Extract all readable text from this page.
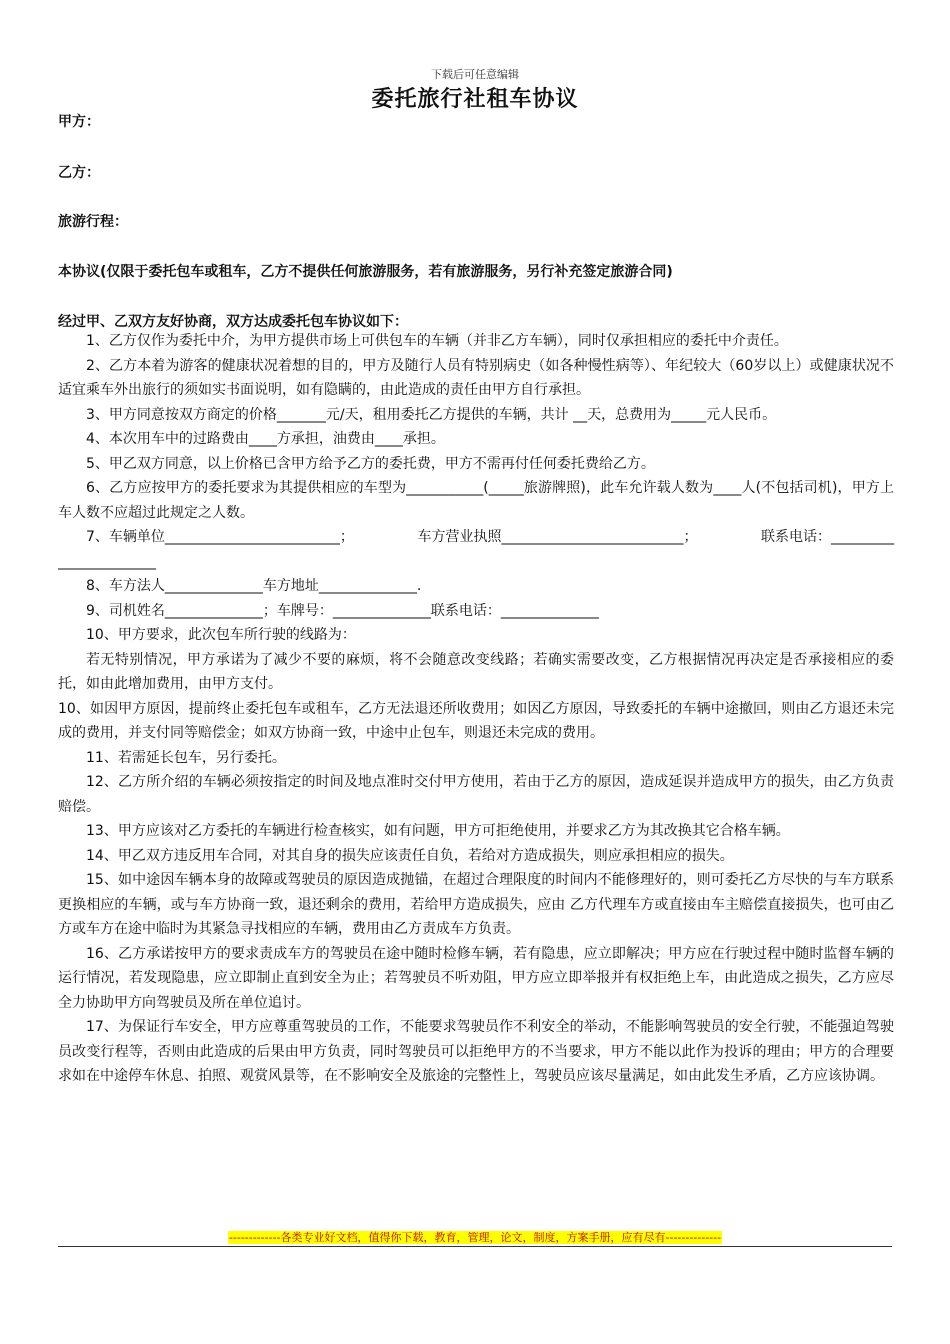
下载后可任意编辑
委托旅行社租车协议
甲方：
乙方：
旅游行程：
本协议(仅限于委托包车或租车，乙方不提供任何旅游服务，若有旅游服务，另行补充签定旅游合同)
经过甲、乙双方友好协商，双方达成委托包车协议如下：

1、乙方仅作为委托中介，为甲方提供市场上可供包车的车辆（并非乙方车辆），同时仅承担相应的委托中介责任。

2、乙方本着为游客的健康状况着想的目的，甲方及随行人员有特别病史（如各种慢性病等）、年纪较大（60岁以上）或健康状况不适宜乘车外出旅行的须如实书面说明，如有隐瞒的，由此造成的责任由甲方自行承担。

3、甲方同意按双方商定的价格_______元/天，租用委托乙方提供的车辆，共计 __天，总费用为_____元人民币。

4、本次用车中的过路费由____方承担，油费由____承担。

5、甲乙双方同意，以上价格已含甲方给予乙方的委托费，甲方不需再付任何委托费给乙方。

6、乙方应按甲方的委托要求为其提供相应的车型为___________(_____旅游牌照)，此车允许载人数为____人(不包括司机)，甲方上车人数不应超过此规定之人数。

7、车辆单位_________________________；	车方营业执照__________________________；	联系电话：_________

______________

8、车方法人______________车方地址______________.

9、司机姓名______________；车牌号：______________联系电话：______________

10、甲方要求，此次包车所行驶的线路为：

若无特别情况，甲方承诺为了减少不要的麻烦，将不会随意改变线路；若确实需要改变，乙方根据情况再决定是否承接相应的委托，如由此增加费用，由甲方支付。

10、如因甲方原因，提前终止委托包车或租车，乙方无法退还所收费用；如因乙方原因，导致委托的车辆中途撤回，则由乙方退还未完成的费用，并支付同等赔偿金；如双方协商一致，中途中止包车，则退还未完成的费用。

11、若需延长包车，另行委托。

12、乙方所介绍的车辆必须按指定的时间及地点准时交付甲方使用，若由于乙方的原因，造成延误并造成甲方的损失，由乙方负责赔偿。

13、甲方应该对乙方委托的车辆进行检查核实，如有问题，甲方可拒绝使用，并要求乙方为其改换其它合格车辆。

14、甲乙双方违反用车合同，对其自身的损失应该责任自负，若给对方造成损失，则应承担相应的损失。

15、如中途因车辆本身的故障或驾驶员的原因造成抛锚，在超过合理限度的时间内不能修理好的，则可委托乙方尽快的与车方联系更换相应的车辆，或与车方协商一致，退还剩余的费用，若给甲方造成损失，应由 乙方代理车方或直接由车主赔偿直接损失，也可由乙方或车方在途中临时为其紧急寻找相应的车辆，费用由乙方责成车方负责。

16、乙方承诺按甲方的要求责成车方的驾驶员在途中随时检修车辆，若有隐患，应立即解决；甲方应在行驶过程中随时监督车辆的运行情况，若发现隐患，应立即制止直到安全为止；若驾驶员不听劝阻，甲方应立即举报并有权拒绝上车，由此造成之损失，乙方应尽全力协助甲方向驾驶员及所在单位追讨。

17、为保证行车安全，甲方应尊重驾驶员的工作，不能要求驾驶员作不利安全的举动，不能影响驾驶员的安全行驶，不能强迫驾驶员改变行程等，否则由此造成的后果由甲方负责，同时驾驶员可以拒绝甲方的不当要求，甲方不能以此作为投诉的理由；甲方的合理要求如在中途停车休息、拍照、观赏风景等，在不影响安全及旅途的完整性上，驾驶员应该尽量满足，如由此发生矛盾，乙方应该协调。

-------------各类专业好文档，值得你下载，教育，管理，论文，制度，方案手册，应有尽有--------------
